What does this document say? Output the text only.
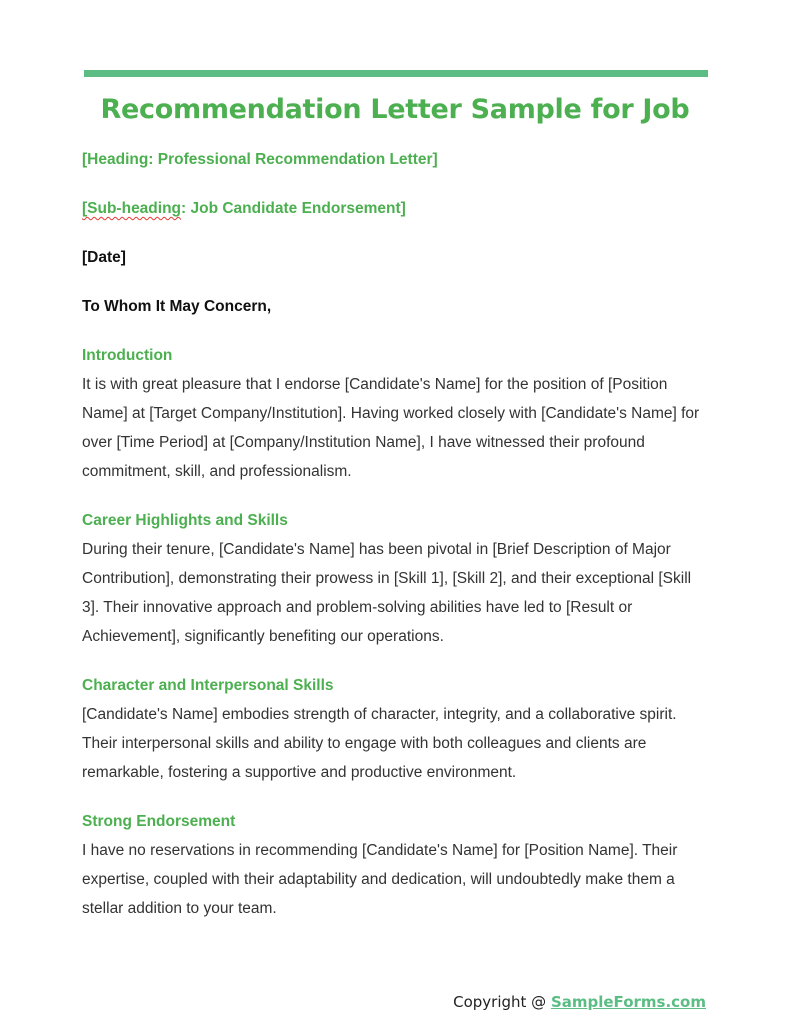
Recommendation Letter Sample for Job

[Heading: Professional Recommendation Letter]

[Sub-heading: Job Candidate Endorsement]

[Date]

To Whom It May Concern,

Introduction

It is with great pleasure that I endorse [Candidate's Name] for the position of [Position Name] at [Target Company/Institution]. Having worked closely with [Candidate's Name] for over [Time Period] at [Company/Institution Name], I have witnessed their profound commitment, skill, and professionalism.

Career Highlights and Skills

During their tenure, [Candidate's Name] has been pivotal in [Brief Description of Major Contribution], demonstrating their prowess in [Skill 1], [Skill 2], and their exceptional [Skill 3]. Their innovative approach and problem-solving abilities have led to [Result or Achievement], significantly benefiting our operations.

Character and Interpersonal Skills

[Candidate's Name] embodies strength of character, integrity, and a collaborative spirit. Their interpersonal skills and ability to engage with both colleagues and clients are remarkable, fostering a supportive and productive environment.

Strong Endorsement

I have no reservations in recommending [Candidate's Name] for [Position Name]. Their expertise, coupled with their adaptability and dedication, will undoubtedly make them a stellar addition to your team.

Copyright @ SampleForms.com
